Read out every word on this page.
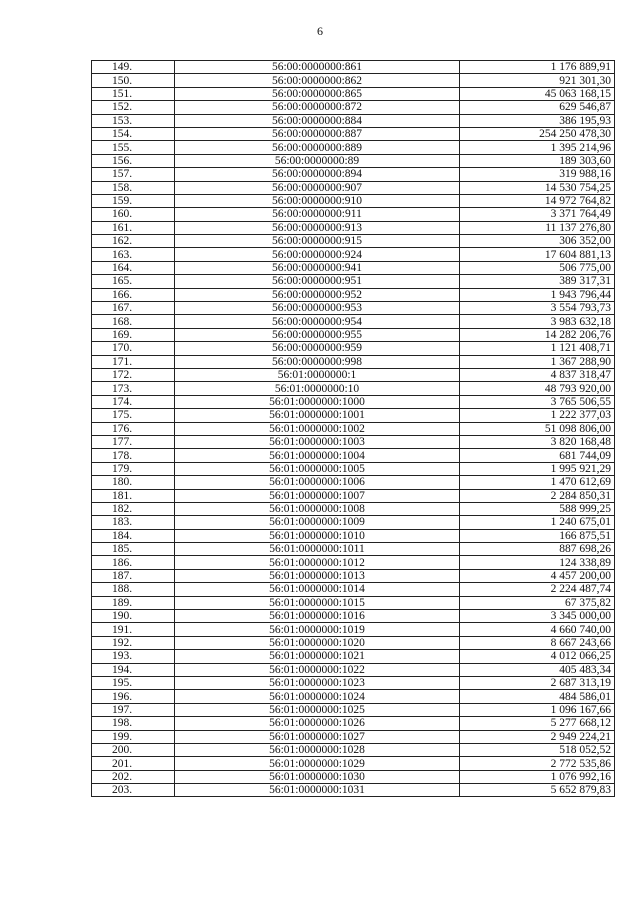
6
149.	56:00:0000000:861	1 176 889,91
150.	56:00:0000000:862	921 301,30
151.	56:00:0000000:865	45 063 168,15
152.	56:00:0000000:872	629 546,87
153.	56:00:0000000:884	386 195,93
154.	56:00:0000000:887	254 250 478,30
155.	56:00:0000000:889	1 395 214,96
156.	56:00:0000000:89	189 303,60
157.	56:00:0000000:894	319 988,16
158.	56:00:0000000:907	14 530 754,25
159.	56:00:0000000:910	14 972 764,82
160.	56:00:0000000:911	3 371 764,49
161.	56:00:0000000:913	11 137 276,80
162.	56:00:0000000:915	306 352,00
163.	56:00:0000000:924	17 604 881,13
164.	56:00:0000000:941	506 775,00
165.	56:00:0000000:951	389 317,31
166.	56:00:0000000:952	1 943 796,44
167.	56:00:0000000:953	3 554 793,73
168.	56:00:0000000:954	3 983 632,18
169.	56:00:0000000:955	14 282 206,76
170.	56:00:0000000:959	1 121 408,71
171.	56:00:0000000:998	1 367 288,90
172.	56:01:0000000:1	4 837 318,47
173.	56:01:0000000:10	48 793 920,00
174.	56:01:0000000:1000	3 765 506,55
175.	56:01:0000000:1001	1 222 377,03
176.	56:01:0000000:1002	51 098 806,00
177.	56:01:0000000:1003	3 820 168,48
178.	56:01:0000000:1004	681 744,09
179.	56:01:0000000:1005	1 995 921,29
180.	56:01:0000000:1006	1 470 612,69
181.	56:01:0000000:1007	2 284 850,31
182.	56:01:0000000:1008	588 999,25
183.	56:01:0000000:1009	1 240 675,01
184.	56:01:0000000:1010	166 875,51
185.	56:01:0000000:1011	887 698,26
186.	56:01:0000000:1012	124 338,89
187.	56:01:0000000:1013	4 457 200,00
188.	56:01:0000000:1014	2 224 487,74
189.	56:01:0000000:1015	67 375,82
190.	56:01:0000000:1016	3 345 000,00
191.	56:01:0000000:1019	4 660 740,00
192.	56:01:0000000:1020	8 667 243,66
193.	56:01:0000000:1021	4 012 066,25
194.	56:01:0000000:1022	405 483,34
195.	56:01:0000000:1023	2 687 313,19
196.	56:01:0000000:1024	484 586,01
197.	56:01:0000000:1025	1 096 167,66
198.	56:01:0000000:1026	5 277 668,12
199.	56:01:0000000:1027	2 949 224,21
200.	56:01:0000000:1028	518 052,52
201.	56:01:0000000:1029	2 772 535,86
202.	56:01:0000000:1030	1 076 992,16
203.	56:01:0000000:1031	5 652 879,83
